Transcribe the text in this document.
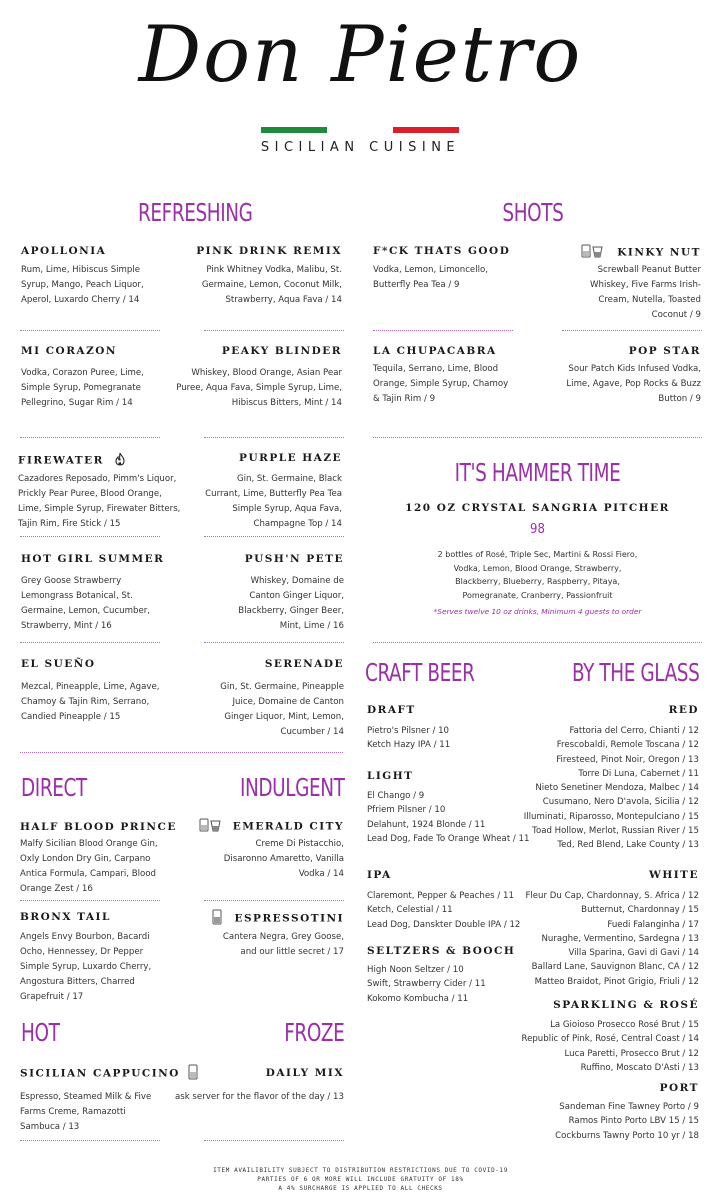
Don Pietro
SICILIAN CUISINE
REFRESHING
APOLLONIA
Rum, Lime, Hibiscus Simple
Syrup, Mango, Peach Liquor,
Aperol, Luxardo Cherry / 14
PINK DRINK REMIX
Pink Whitney Vodka, Malibu, St.
Germaine, Lemon, Coconut Milk,
Strawberry, Aqua Fava / 14
MI CORAZON
Vodka, Corazon Puree, Lime,
Simple Syrup, Pomegranate
Pellegrino, Sugar Rim / 14
PEAKY BLINDER
Whiskey, Blood Orange, Asian Pear
Puree, Aqua Fava, Simple Syrup, Lime,
Hibiscus Bitters, Mint / 14
FIREWATER
Cazadores Reposado, Pimm's Liquor,
Prickly Pear Puree, Blood Orange,
Lime, Simple Syrup, Firewater Bitters,
Tajin Rim, Fire Stick / 15
PURPLE HAZE
Gin, St. Germaine, Black
Currant, Lime, Butterfly Pea Tea
Simple Syrup, Aqua Fava,
Champagne Top / 14
HOT GIRL SUMMER
Grey Goose Strawberry
Lemongrass Botanical, St.
Germaine, Lemon, Cucumber,
Strawberry, Mint / 16
PUSH'N PETE
Whiskey, Domaine de
Canton Ginger Liquor,
Blackberry, Ginger Beer,
Mint, Lime / 16
EL SUEÑO
Mezcal, Pineapple, Lime, Agave,
Chamoy & Tajin Rim, Serrano,
Candied Pineapple / 15
SERENADE
Gin, St. Germaine, Pineapple
Juice, Domaine de Canton
Ginger Liquor, Mint, Lemon,
Cucumber / 14
SHOTS
F*CK THATS GOOD
Vodka, Lemon, Limoncello,
Butterfly Pea Tea / 9
KINKY NUT
Screwball Peanut Butter
Whiskey, Five Farms Irish-
Cream, Nutella, Toasted
Coconut / 9
LA CHUPACABRA
Tequila, Serrano, Lime, Blood
Orange, Simple Syrup, Chamoy
& Tajin Rim / 9
POP STAR
Sour Patch Kids Infused Vodka,
Lime, Agave, Pop Rocks & Buzz
Button / 9
IT'S HAMMER TIME
120 OZ CRYSTAL SANGRIA PITCHER
98
2 bottles of Rosé, Triple Sec, Martini & Rossi Fiero,
Vodka, Lemon, Blood Orange, Strawberry,
Blackberry, Blueberry, Raspberry, Pitaya,
Pomegranate, Cranberry, Passionfruit
*Serves twelve 10 oz drinks, Minimum 4 guests to order
CRAFT BEER	BY THE GLASS
DRAFT
Pietro's Pilsner / 10
Ketch Hazy IPA / 11
LIGHT
El Chango / 9
Pfriem Pilsner / 10
Delahunt, 1924 Blonde / 11
Lead Dog, Fade To Orange Wheat / 11
IPA
Claremont, Pepper & Peaches / 11
Ketch, Celestial / 11
Lead Dog, Danskter Double IPA / 12
SELTZERS & BOOCH
High Noon Seltzer / 10
Swift, Strawberry Cider / 11
Kokomo Kombucha / 11
RED
Fattoria del Cerro, Chianti / 12
Frescobaldi, Remole Toscana / 12
Firesteed, Pinot Noir, Oregon / 13
Torre Di Luna, Cabernet / 11
Nieto Senetiner Mendoza, Malbec / 14
Cusumano, Nero D'avola, Sicilia / 12
Illuminati, Riparosso, Montepulciano / 15
Toad Hollow, Merlot, Russian River / 15
Ted, Red Blend, Lake County / 13
WHITE
Fleur Du Cap, Chardonnay, S. Africa / 12
Butternut, Chardonnay / 15
Fuedi Falanginha / 17
Nuraghe, Vermentino, Sardegna / 13
Villa Sparina, Gavi di Gavi / 14
Ballard Lane, Sauvignon Blanc, CA / 12
Matteo Braidot, Pinot Grigio, Friuli / 12
SPARKLING & ROSÉ
La Gioioso Prosecco Rosé Brut / 15
Republic of Pink, Rosé, Central Coast / 14
Luca Paretti, Prosecco Brut / 12
Ruffino, Moscato D'Asti / 13
PORT
Sandeman Fine Tawney Porto / 9
Ramos Pinto Porto LBV 15 / 15
Cockburns Tawny Porto 10 yr / 18
DIRECT
HALF BLOOD PRINCE
Malfy Sicilian Blood Orange Gin,
Oxly London Dry Gin, Carpano
Antica Formula, Campari, Blood
Orange Zest / 16
BRONX TAIL
Angels Envy Bourbon, Bacardi
Ocho, Hennessey, Dr Pepper
Simple Syrup, Luxardo Cherry,
Angostura Bitters, Charred
Grapefruit / 17
INDULGENT
EMERALD CITY
Creme Di Pistacchio,
Disaronno Amaretto, Vanilla
Vodka / 14
ESPRESSOTINI
Cantera Negra, Grey Goose,
and our little secret / 17
HOT
SICILIAN CAPPUCINO
Espresso, Steamed Milk & Five
Farms Creme, Ramazotti
Sambuca / 13
FROZE
DAILY MIX
ask server for the flavor of the day / 13
ITEM AVAILIBILITY SUBJECT TO DISTRIBUTION RESTRICTIONS DUE TO COVID-19
PARTIES OF 6 OR MORE WILL INCLUDE GRATUITY OF 18%
A 4% SURCHARGE IS APPLIED TO ALL CHECKS
